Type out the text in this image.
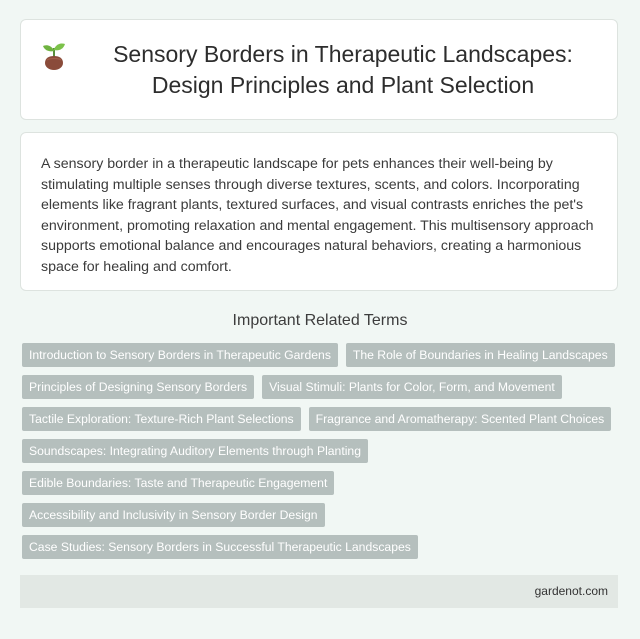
Sensory Borders in Therapeutic Landscapes: Design Principles and Plant Selection

A sensory border in a therapeutic landscape for pets enhances their well-being by stimulating multiple senses through diverse textures, scents, and colors. Incorporating elements like fragrant plants, textured surfaces, and visual contrasts enriches the pet's environment, promoting relaxation and mental engagement. This multisensory approach supports emotional balance and encourages natural behaviors, creating a harmonious space for healing and comfort.

Important Related Terms
Introduction to Sensory Borders in Therapeutic Gardens	The Role of Boundaries in Healing Landscapes
Principles of Designing Sensory Borders	Visual Stimuli: Plants for Color, Form, and Movement
Tactile Exploration: Texture-Rich Plant Selections	Fragrance and Aromatherapy: Scented Plant Choices
Soundscapes: Integrating Auditory Elements through Planting
Edible Boundaries: Taste and Therapeutic Engagement
Accessibility and Inclusivity in Sensory Border Design
Case Studies: Sensory Borders in Successful Therapeutic Landscapes
gardenot.com
